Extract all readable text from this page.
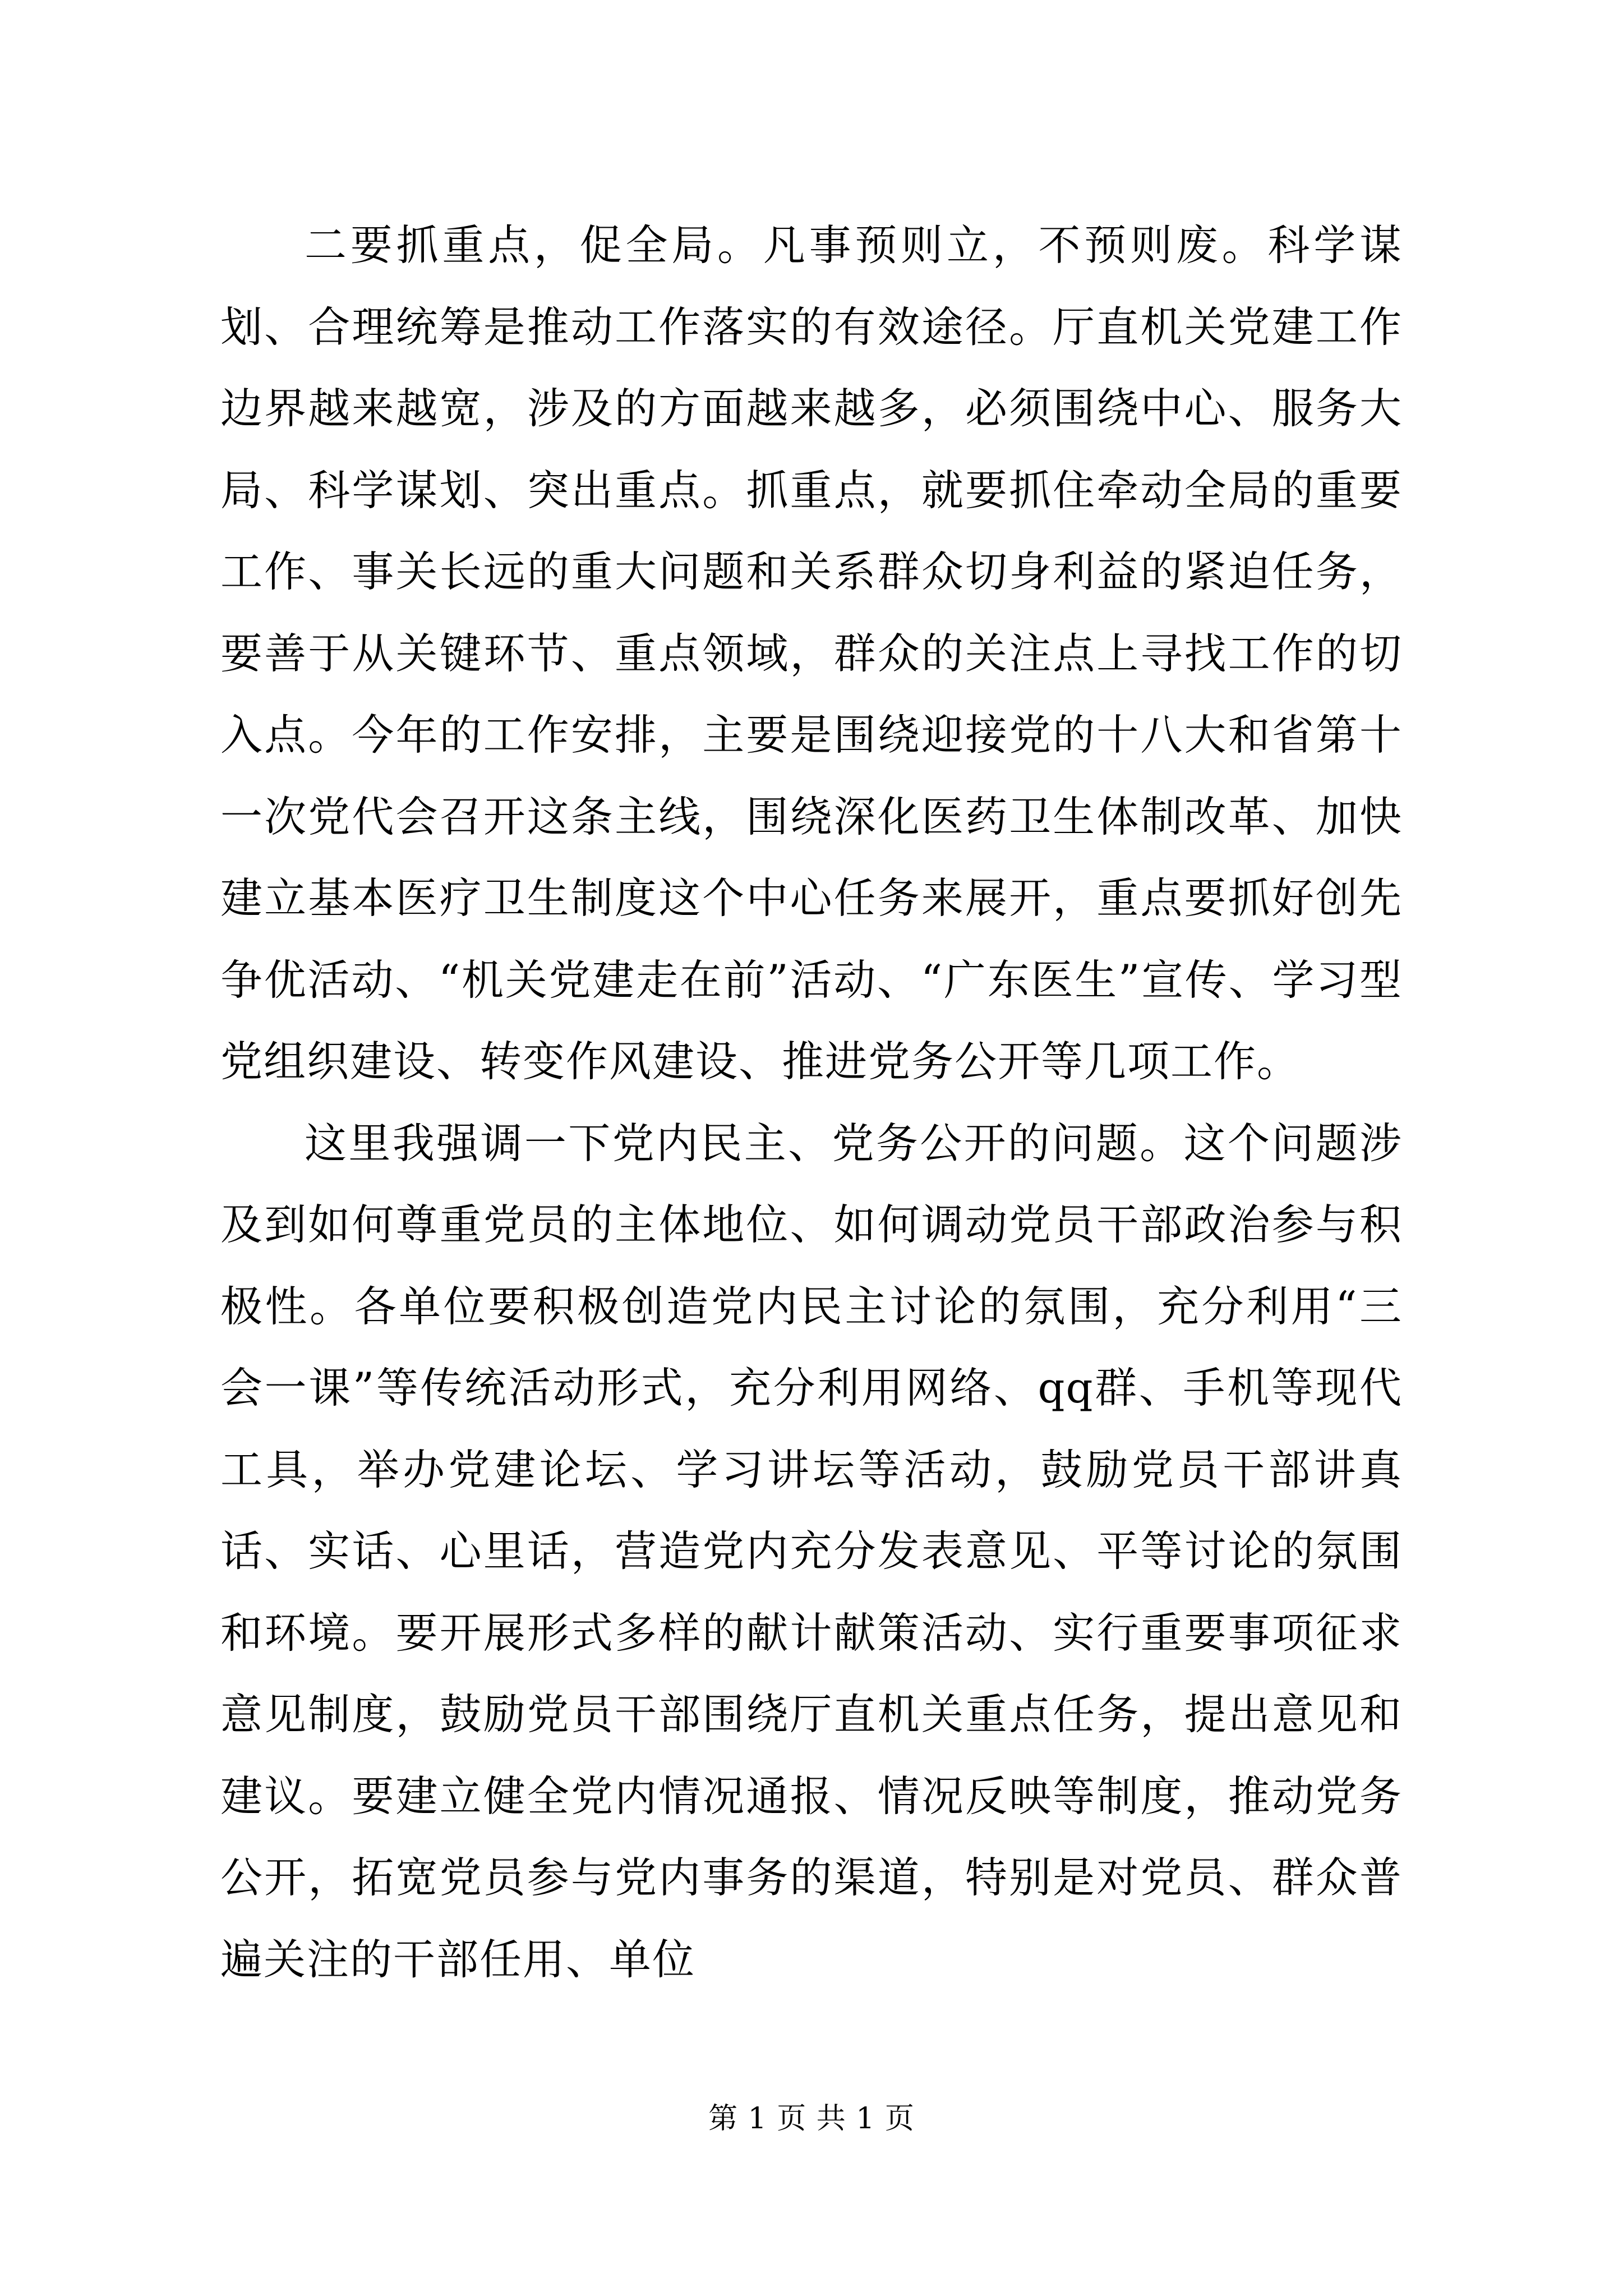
二要抓重点，促全局。凡事预则立，不预则废。科学谋划、合理统筹是推动工作落实的有效途径。厅直机关党建工作边界越来越宽，涉及的方面越来越多，必须围绕中心、服务大局、科学谋划、突出重点。抓重点，就要抓住牵动全局的重要工作、事关长远的重大问题和关系群众切身利益的紧迫任务，要善于从关键环节、重点领域，群众的关注点上寻找工作的切入点。今年的工作安排，主要是围绕迎接党的十八大和省第十一次党代会召开这条主线，围绕深化医药卫生体制改革、加快建立基本医疗卫生制度这个中心任务来展开，重点要抓好创先争优活动、“机关党建走在前”活动、“广东医生”宣传、学习型党组织建设、转变作风建设、推进党务公开等几项工作。

这里我强调一下党内民主、党务公开的问题。这个问题涉及到如何尊重党员的主体地位、如何调动党员干部政治参与积极性。各单位要积极创造党内民主讨论的氛围，充分利用“三会一课”等传统活动形式，充分利用网络、qq群、手机等现代工具，举办党建论坛、学习讲坛等活动，鼓励党员干部讲真话、实话、心里话，营造党内充分发表意见、平等讨论的氛围和环境。要开展形式多样的献计献策活动、实行重要事项征求意见制度，鼓励党员干部围绕厅直机关重点任务，提出意见和建议。要建立健全党内情况通报、情况反映等制度，推动党务公开，拓宽党员参与党内事务的渠道，特别是对党员、群众普遍关注的干部任用、单位

第 1 页 共 1 页
